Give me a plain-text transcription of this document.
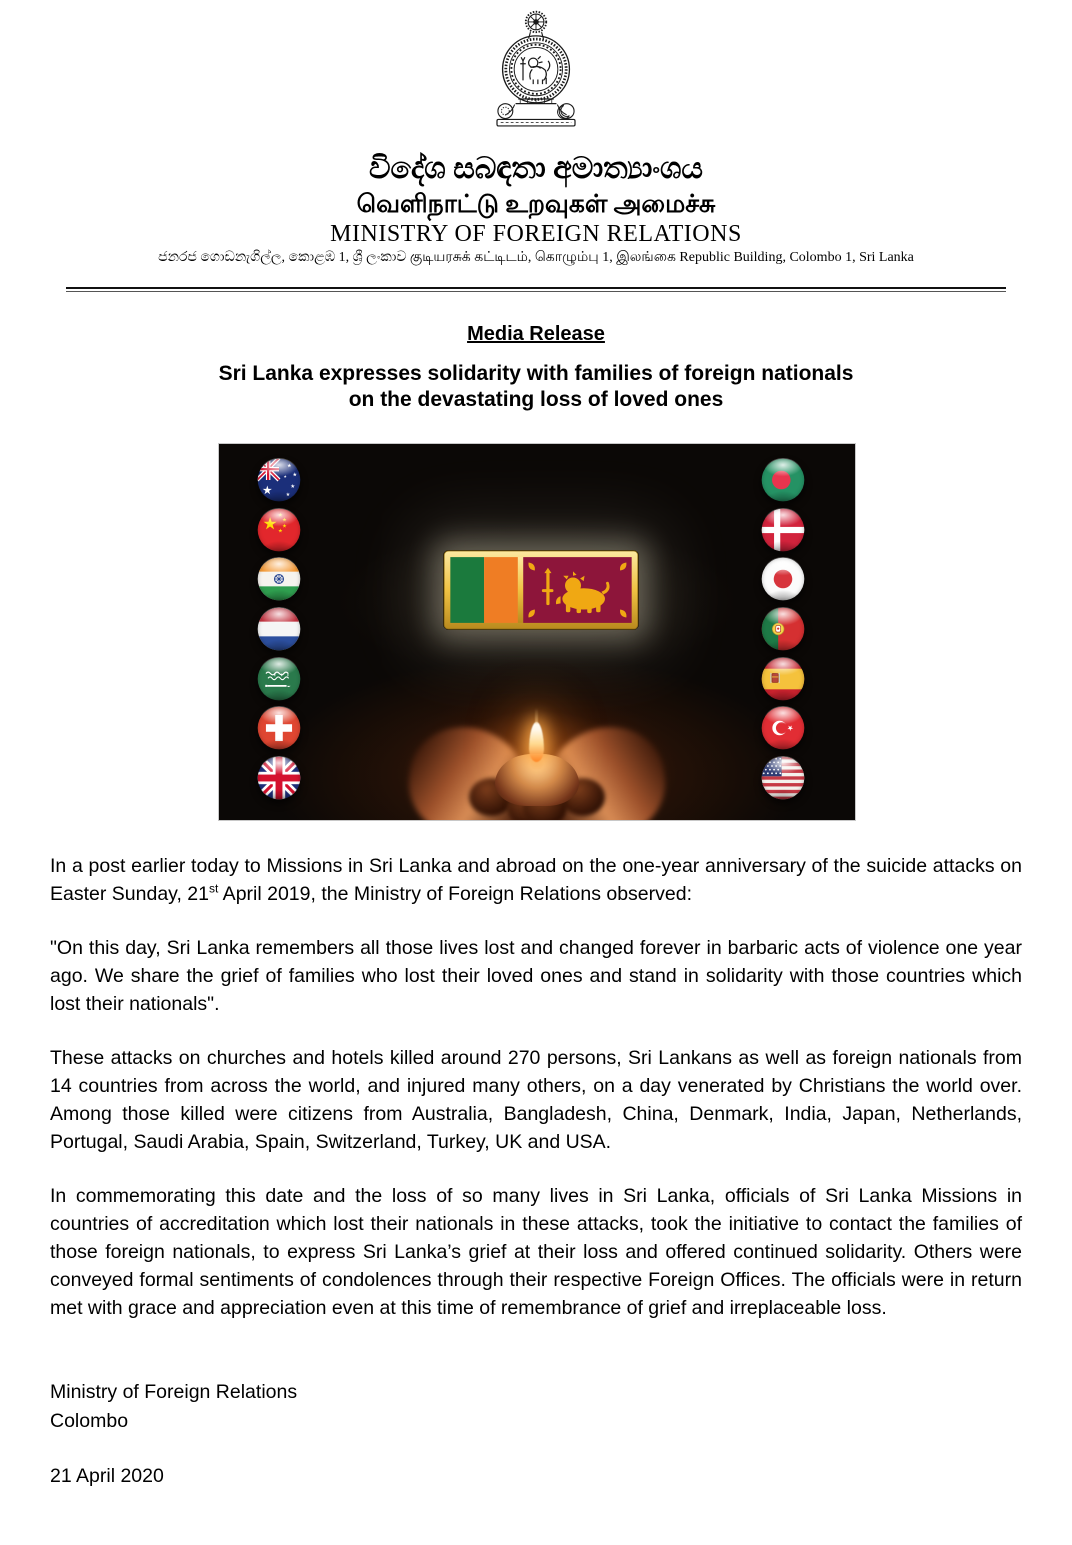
විදේශ සබඳතා අමාත්‍යාංශය
வெளிநாட்டு உறவுகள் அமைச்சு
MINISTRY OF FOREIGN RELATIONS
ජනරජ ගොඩනැගිල්ල, කොළඹ 1, ශ්‍රී ලංකාව குடியரசுக் கட்டிடம், கொழும்பு 1, இலங்கை Republic Building, Colombo 1, Sri Lanka
Media Release
Sri Lanka expresses solidarity with families of foreign nationals
on the devastating loss of loved ones

In a post earlier today to Missions in Sri Lanka and abroad on the one-year anniversary of the suicide attacks on Easter Sunday, 21st April 2019, the Ministry of Foreign Relations observed:

"On this day, Sri Lanka remembers all those lives lost and changed forever in barbaric acts of violence one year ago. We share the grief of families who lost their loved ones and stand in solidarity with those countries which lost their nationals".

These attacks on churches and hotels killed around 270 persons, Sri Lankans as well as foreign nationals from 14 countries from across the world, and injured many others, on a day venerated by Christians the world over. Among those killed were citizens from Australia, Bangladesh, China, Denmark, India, Japan, Netherlands, Portugal, Saudi Arabia, Spain, Switzerland, Turkey, UK and USA.

In commemorating this date and the loss of so many lives in Sri Lanka, officials of Sri Lanka Missions in countries of accreditation which lost their nationals in these attacks, took the initiative to contact the families of those foreign nationals, to express Sri Lanka’s grief at their loss and offered continued solidarity. Others were conveyed formal sentiments of condolences through their respective Foreign Offices. The officials were in return met with grace and appreciation even at this time of remembrance of grief and irreplaceable loss.

Ministry of Foreign Relations
Colombo
21 April 2020
